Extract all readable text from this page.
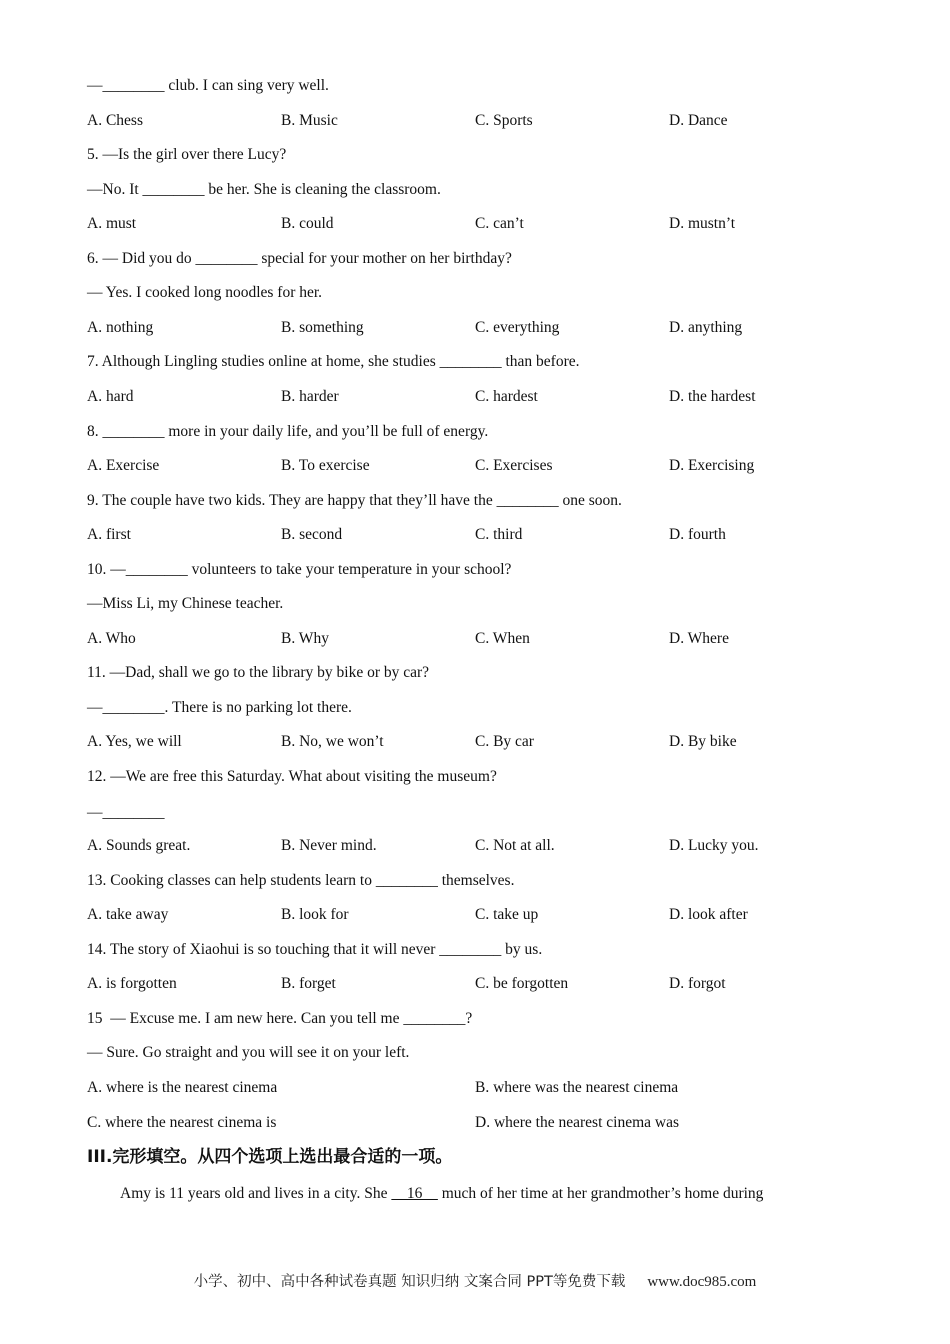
—________ club. I can sing very well.
A. Chess	B. Music	C. Sports	D. Dance
5. —Is the girl over there Lucy?
—No. It ________ be her. She is cleaning the classroom.
A. must	B. could	C. can’t	D. mustn’t
6. — Did you do ________ special for your mother on her birthday?
— Yes. I cooked long noodles for her.
A. nothing	B. something	C. everything	D. anything
7. Although Lingling studies online at home, she studies ________ than before.
A. hard	B. harder	C. hardest	D. the hardest
8. ________ more in your daily life, and you’ll be full of energy.
A. Exercise	B. To exercise	C. Exercises	D. Exercising
9. The couple have two kids. They are happy that they’ll have the ________ one soon.
A. first	B. second	C. third	D. fourth
10. —________ volunteers to take your temperature in your school?
—Miss Li, my Chinese teacher.
A. Who	B. Why	C. When	D. Where
11. —Dad, shall we go to the library by bike or by car?
—________. There is no parking lot there.
A. Yes, we will	B. No, we won’t	C. By car	D. By bike
12. —We are free this Saturday. What about visiting the museum?
—________
A. Sounds great.	B. Never mind.	C. Not at all.	D. Lucky you.
13. Cooking classes can help students learn to ________ themselves.
A. take away	B. look for	C. take up	D. look after
14. The story of Xiaohui is so touching that it will never ________ by us.
A. is forgotten	B. forget	C. be forgotten	D. forgot
15  — Excuse me. I am new here. Can you tell me ________?
— Sure. Go straight and you will see it on your left.
A. where is the nearest cinema	B. where was the nearest cinema
C. where the nearest cinema is	D. where the nearest cinema was
III.完形填空。从四个选项上选出最合适的一项。
Amy is 11 years old and lives in a city. She     16     much of her time at her grandmother’s home during
小学、初中、高中各种试卷真题 知识归纳 文案合同 PPT等免费下载 www.doc985.com
